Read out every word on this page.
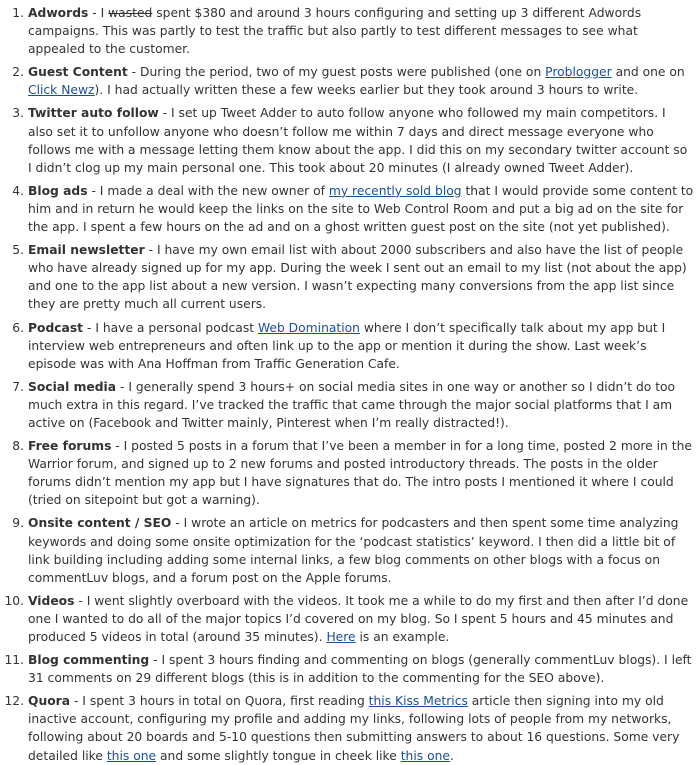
1. Adwords - I wasted spent $380 and around 3 hours configuring and setting up 3 different Adwords campaigns. This was partly to test the traffic but also partly to test different messages to see what appealed to the customer.
2. Guest Content - During the period, two of my guest posts were published (one on Problogger and one on Click Newz). I had actually written these a few weeks earlier but they took around 3 hours to write.
3. Twitter auto follow - I set up Tweet Adder to auto follow anyone who followed my main competitors. I also set it to unfollow anyone who doesn’t follow me within 7 days and direct message everyone who follows me with a message letting them know about the app. I did this on my secondary twitter account so I didn’t clog up my main personal one. This took about 20 minutes (I already owned Tweet Adder).
4. Blog ads - I made a deal with the new owner of my recently sold blog that I would provide some content to him and in return he would keep the links on the site to Web Control Room and put a big ad on the site for the app. I spent a few hours on the ad and on a ghost written guest post on the site (not yet published).
5. Email newsletter - I have my own email list with about 2000 subscribers and also have the list of people who have already signed up for my app. During the week I sent out an email to my list (not about the app) and one to the app list about a new version. I wasn’t expecting many conversions from the app list since they are pretty much all current users.
6. Podcast - I have a personal podcast Web Domination where I don’t specifically talk about my app but I interview web entrepreneurs and often link up to the app or mention it during the show. Last week’s episode was with Ana Hoffman from Traffic Generation Cafe.
7. Social media - I generally spend 3 hours+ on social media sites in one way or another so I didn’t do too much extra in this regard. I’ve tracked the traffic that came through the major social platforms that I am active on (Facebook and Twitter mainly, Pinterest when I’m really distracted!).
8. Free forums - I posted 5 posts in a forum that I’ve been a member in for a long time, posted 2 more in the Warrior forum, and signed up to 2 new forums and posted introductory threads. The posts in the older forums didn’t mention my app but I have signatures that do. The intro posts I mentioned it where I could (tried on sitepoint but got a warning).
9. Onsite content / SEO - I wrote an article on metrics for podcasters and then spent some time analyzing keywords and doing some onsite optimization for the ‘podcast statistics’ keyword. I then did a little bit of link building including adding some internal links, a few blog comments on other blogs with a focus on commentLuv blogs, and a forum post on the Apple forums.
10. Videos - I went slightly overboard with the videos. It took me a while to do my first and then after I’d done one I wanted to do all of the major topics I’d covered on my blog. So I spent 5 hours and 45 minutes and produced 5 videos in total (around 35 minutes). Here is an example.
11. Blog commenting - I spent 3 hours finding and commenting on blogs (generally commentLuv blogs). I left 31 comments on 29 different blogs (this is in addition to the commenting for the SEO above).
12. Quora - I spent 3 hours in total on Quora, first reading this Kiss Metrics article then signing into my old inactive account, configuring my profile and adding my links, following lots of people from my networks, following about 20 boards and 5-10 questions then submitting answers to about 16 questions. Some very detailed like this one and some slightly tongue in cheek like this one.
